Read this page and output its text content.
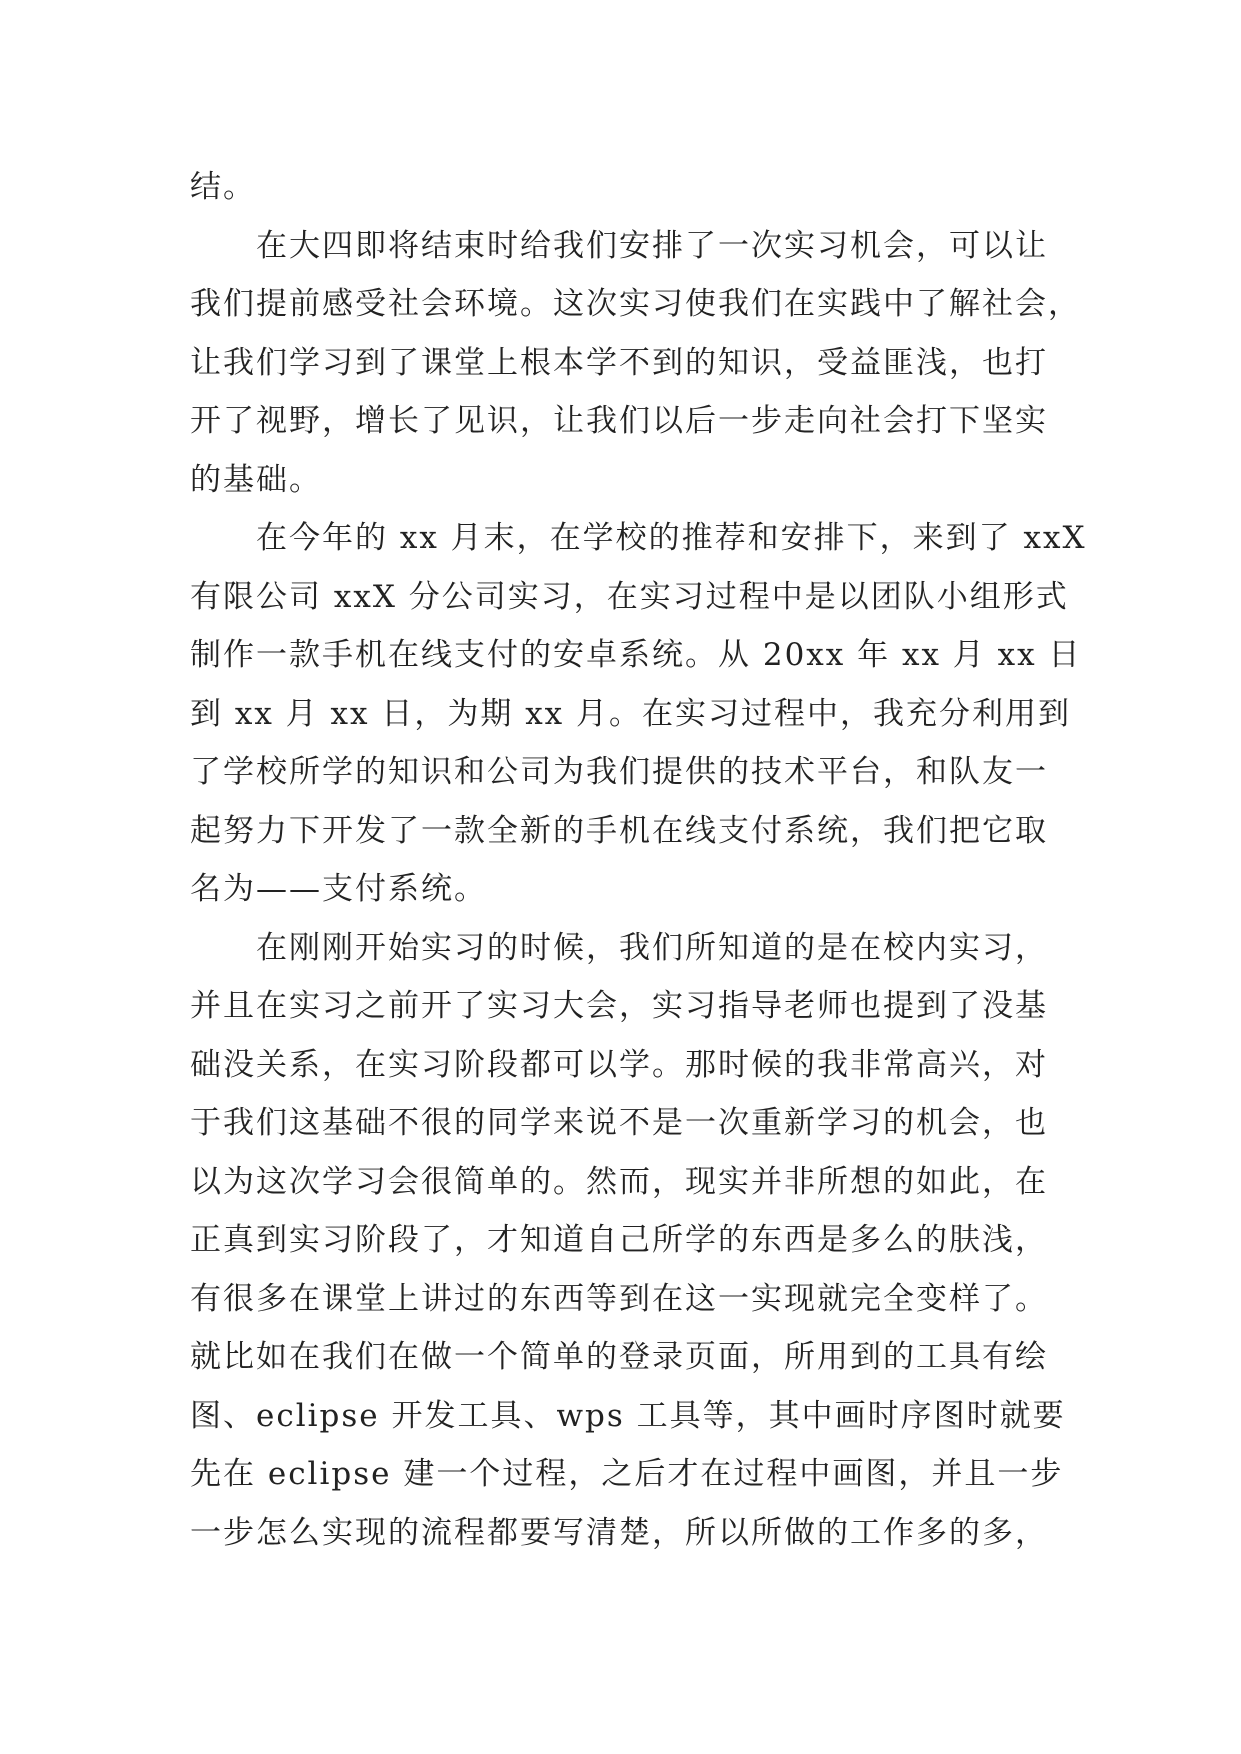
结。
在大四即将结束时给我们安排了一次实习机会，可以让
我们提前感受社会环境。这次实习使我们在实践中了解社会，
让我们学习到了课堂上根本学不到的知识，受益匪浅，也打
开了视野，增长了见识，让我们以后一步走向社会打下坚实
的基础。
在今年的 xx 月末，在学校的推荐和安排下，来到了 xxX
有限公司 xxX 分公司实习，在实习过程中是以团队小组形式
制作一款手机在线支付的安卓系统。从 20xx 年 xx 月 xx 日
到 xx 月 xx 日，为期 xx 月。在实习过程中，我充分利用到
了学校所学的知识和公司为我们提供的技术平台，和队友一
起努力下开发了一款全新的手机在线支付系统，我们把它取
名为——支付系统。
在刚刚开始实习的时候，我们所知道的是在校内实习，
并且在实习之前开了实习大会，实习指导老师也提到了没基
础没关系，在实习阶段都可以学。那时候的我非常高兴，对
于我们这基础不很的同学来说不是一次重新学习的机会，也
以为这次学习会很简单的。然而，现实并非所想的如此，在
正真到实习阶段了，才知道自己所学的东西是多么的肤浅，
有很多在课堂上讲过的东西等到在这一实现就完全变样了。
就比如在我们在做一个简单的登录页面，所用到的工具有绘
图、eclipse 开发工具、wps 工具等，其中画时序图时就要
先在 eclipse 建一个过程，之后才在过程中画图，并且一步
一步怎么实现的流程都要写清楚，所以所做的工作多的多，
